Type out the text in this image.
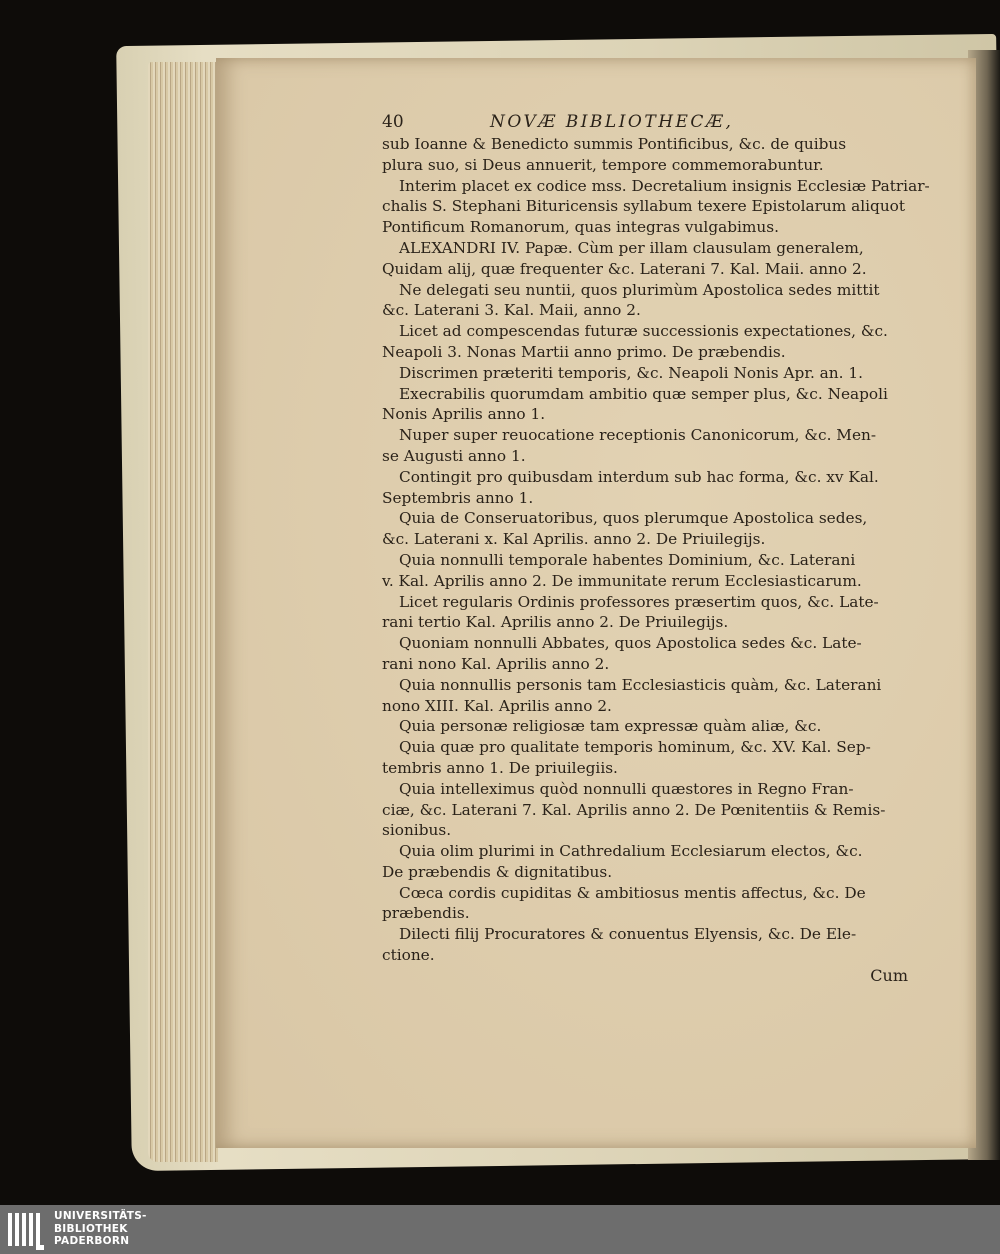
40	NOVÆ BIBLIOTHECÆ,
sub Ioanne & Benedicto summis Pontificibus, &c. de quibus
plura suo, si Deus annuerit, tempore commemorabuntur.
Interim placet ex codice mss. Decretalium insignis Ecclesiæ Patriar-
chalis S. Stephani Bituricensis syllabum texere Epistolarum aliquot
Pontificum Romanorum, quas integras vulgabimus.
ALEXANDRI IV. Papæ. Cùm per illam clausulam generalem,
Quidam alij, quæ frequenter &c. Laterani 7. Kal. Maii. anno 2.
Ne delegati seu nuntii, quos plurimùm Apostolica sedes mittit
&c. Laterani 3. Kal. Maii, anno 2.
Licet ad compescendas futuræ successionis expectationes, &c.
Neapoli 3. Nonas Martii anno primo. De præbendis.
Discrimen præteriti temporis, &c. Neapoli Nonis Apr. an. 1.
Execrabilis quorumdam ambitio quæ semper plus, &c. Neapoli
Nonis Aprilis anno 1.
Nuper super reuocatione receptionis Canonicorum, &c. Men-
se Augusti anno 1.
Contingit pro quibusdam interdum sub hac forma, &c. xv Kal.
Septembris anno 1.
Quia de Conseruatoribus, quos plerumque Apostolica sedes,
&c. Laterani x. Kal Aprilis. anno 2. De Priuilegijs.
Quia nonnulli temporale habentes Dominium, &c. Laterani
v. Kal. Aprilis anno 2. De immunitate rerum Ecclesiasticarum.
Licet regularis Ordinis professores præsertim quos, &c. Late-
rani tertio Kal. Aprilis anno 2. De Priuilegijs.
Quoniam nonnulli Abbates, quos Apostolica sedes &c. Late-
rani nono Kal. Aprilis anno 2.
Quia nonnullis personis tam Ecclesiasticis quàm, &c. Laterani
nono XIII. Kal. Aprilis anno 2.
Quia personæ religiosæ tam expressæ quàm aliæ, &c.
Quia quæ pro qualitate temporis hominum, &c. XV. Kal. Sep-
tembris anno 1. De priuilegiis.
Quia intelleximus quòd nonnulli quæstores in Regno Fran-
ciæ, &c. Laterani 7. Kal. Aprilis anno 2. De Pœnitentiis & Remis-
sionibus.
Quia olim plurimi in Cathredalium Ecclesiarum electos, &c.
De præbendis & dignitatibus.
Cœca cordis cupiditas & ambitiosus mentis affectus, &c. De
præbendis.
Dilecti filij Procuratores & conuentus Elyensis, &c. De Ele-
ctione.
Cum
UNIVERSITÄTS-
BIBLIOTHEK
PADERBORN
